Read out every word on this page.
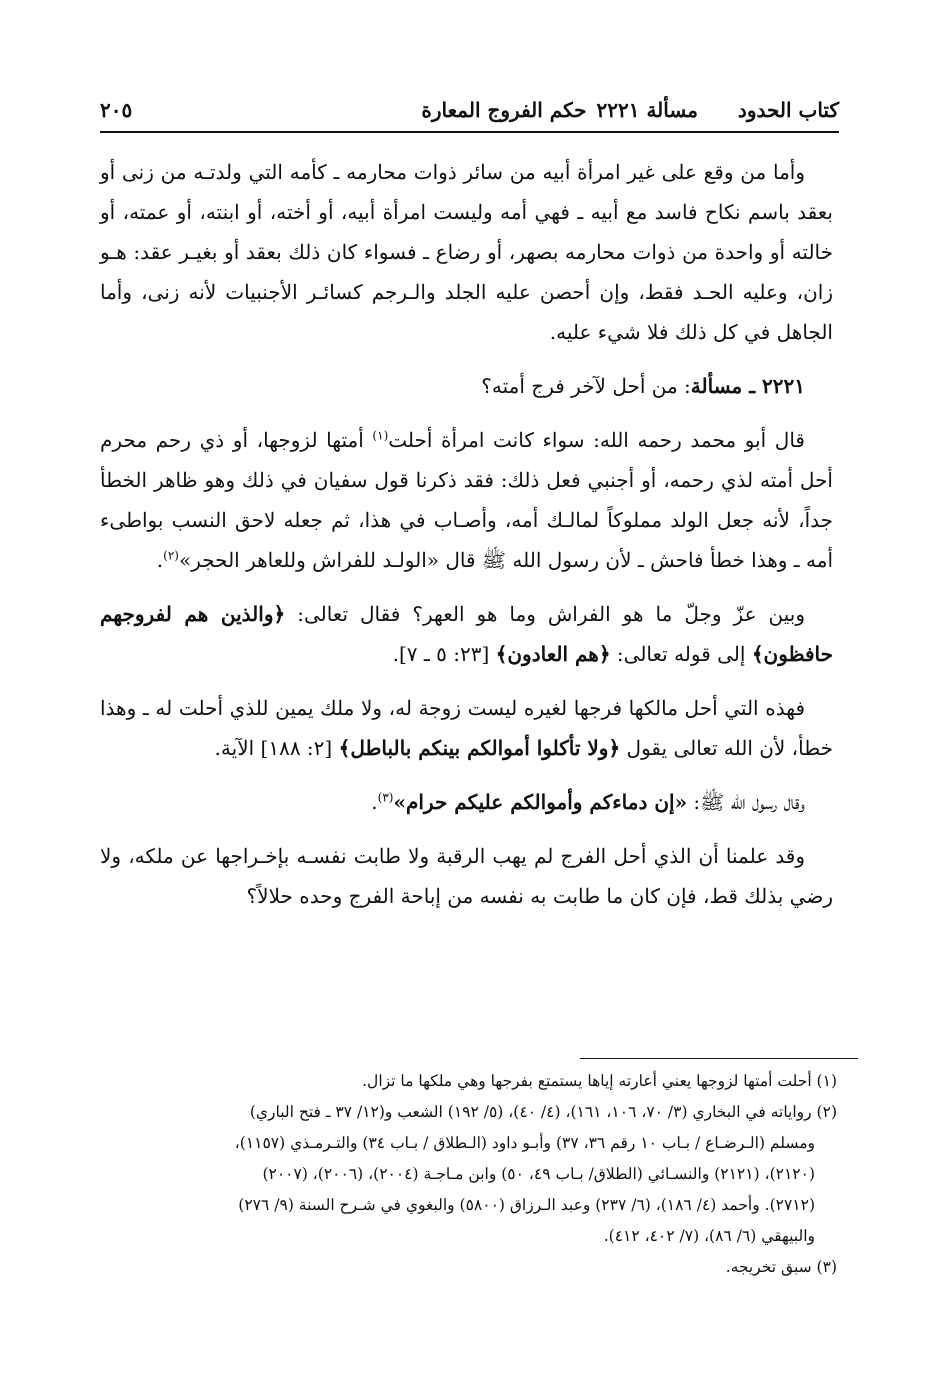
كتاب الحدود
مسألة ٢٢٢١
حكم الفروج المعارة
٢٠٥

وأما من وقع على غير امرأة أبيه من سائر ذوات محارمه ـ كأمه التي ولدتـه من زنى أو بعقد باسم نكاح فاسد مع أبيه ـ فهي أمه وليست امرأة أبيه، أو أخته، أو ابنته، أو عمته، أو خالته أو واحدة من ذوات محارمه بصهر، أو رضاع ـ فسواء كان ذلك بعقد أو بغيـر عقد: هـو زان، وعليه الحـد فقط، وإن أحصن عليه الجلد والـرجم كسائـر الأجنبيات لأنه زنى، وأما الجاهل في كل ذلك فلا شيء عليه.

٢٢٢١ ـ مسألة: من أحل لآخر فرج أمته؟

قال أبو محمد رحمه الله: سواء كانت امرأة أحلت$^{(١)}$ أمتها لزوجها، أو ذي رحم محرم أحل أمته لذي رحمه، أو أجنبي فعل ذلك: فقد ذكرنا قول سفيان في ذلك وهو ظاهر الخطأ جداً، لأنه جعل الولد مملوكاً لمالـك أمه، وأصـاب في هذا، ثم جعله لاحق النسب بواطىء أمه ـ وهذا خطأ فاحش ـ لأن رسول الله ﷺ قال «الولـد للفراش وللعاهر الحجر»$^{(٢)}$.

وبين عزّ وجلّ ما هو الفراش وما هو العهر؟ فقال تعالى: ﴿والذين هم لفروجهم حافظون﴾ إلى قوله تعالى: ﴿هم العادون﴾ [٢٣: ٥ ـ ٧].

فهذه التي أحل مالكها فرجها لغيره ليست زوجة له، ولا ملك يمين للذي أحلت له ـ وهذا خطأ، لأن الله تعالى يقول ﴿ولا تأكلوا أموالكم بينكم بالباطل﴾ [٢: ١٨٨] الآية.

وقال رسول الله ﷺ: «إن دماءكم وأموالكم عليكم حرام»$^{(٣)}$.

وقد علمنا أن الذي أحل الفرج لم يهب الرقبة ولا طابت نفسـه بإخـراجها عن ملكه، ولا رضي بذلك قط، فإن كان ما طابت به نفسه من إباحة الفرج وحده حلالاً؟

(١) أحلت أمتها لزوجها يعني أعارته إياها يستمتع بفرجها وهي ملكها ما تزال.
(٢) رواياته في البخاري (٣/ ٧٠، ١٠٦، ١٦١)، (٤/ ٤٠)، (٥/ ١٩٢) الشعب و(١٢/ ٣٧ ـ فتح الباري)
ومسلم (الـرضـاع / بـاب ١٠ رقم ٣٦، ٣٧) وأبـو داود (الـطلاق / بـاب ٣٤) والتـرمـذي (١١٥٧)،
(٢١٢٠)، (٢١٢١) والنسـائي (الطلاق/ بـاب ٤٩، ٥٠) وابن مـاجـة (٢٠٠٤)، (٢٠٠٦)، (٢٠٠٧)
(٢٧١٢). وأحمد (٤/ ١٨٦)، (٦/ ٢٣٧) وعبد الـرزاق (٥٨٠٠) والبغوي في شـرح السنة (٩/ ٢٧٦)
والبيهقي (٦/ ٨٦)، (٧/ ٤٠٢، ٤١٢).
(٣) سبق تخريجه.
